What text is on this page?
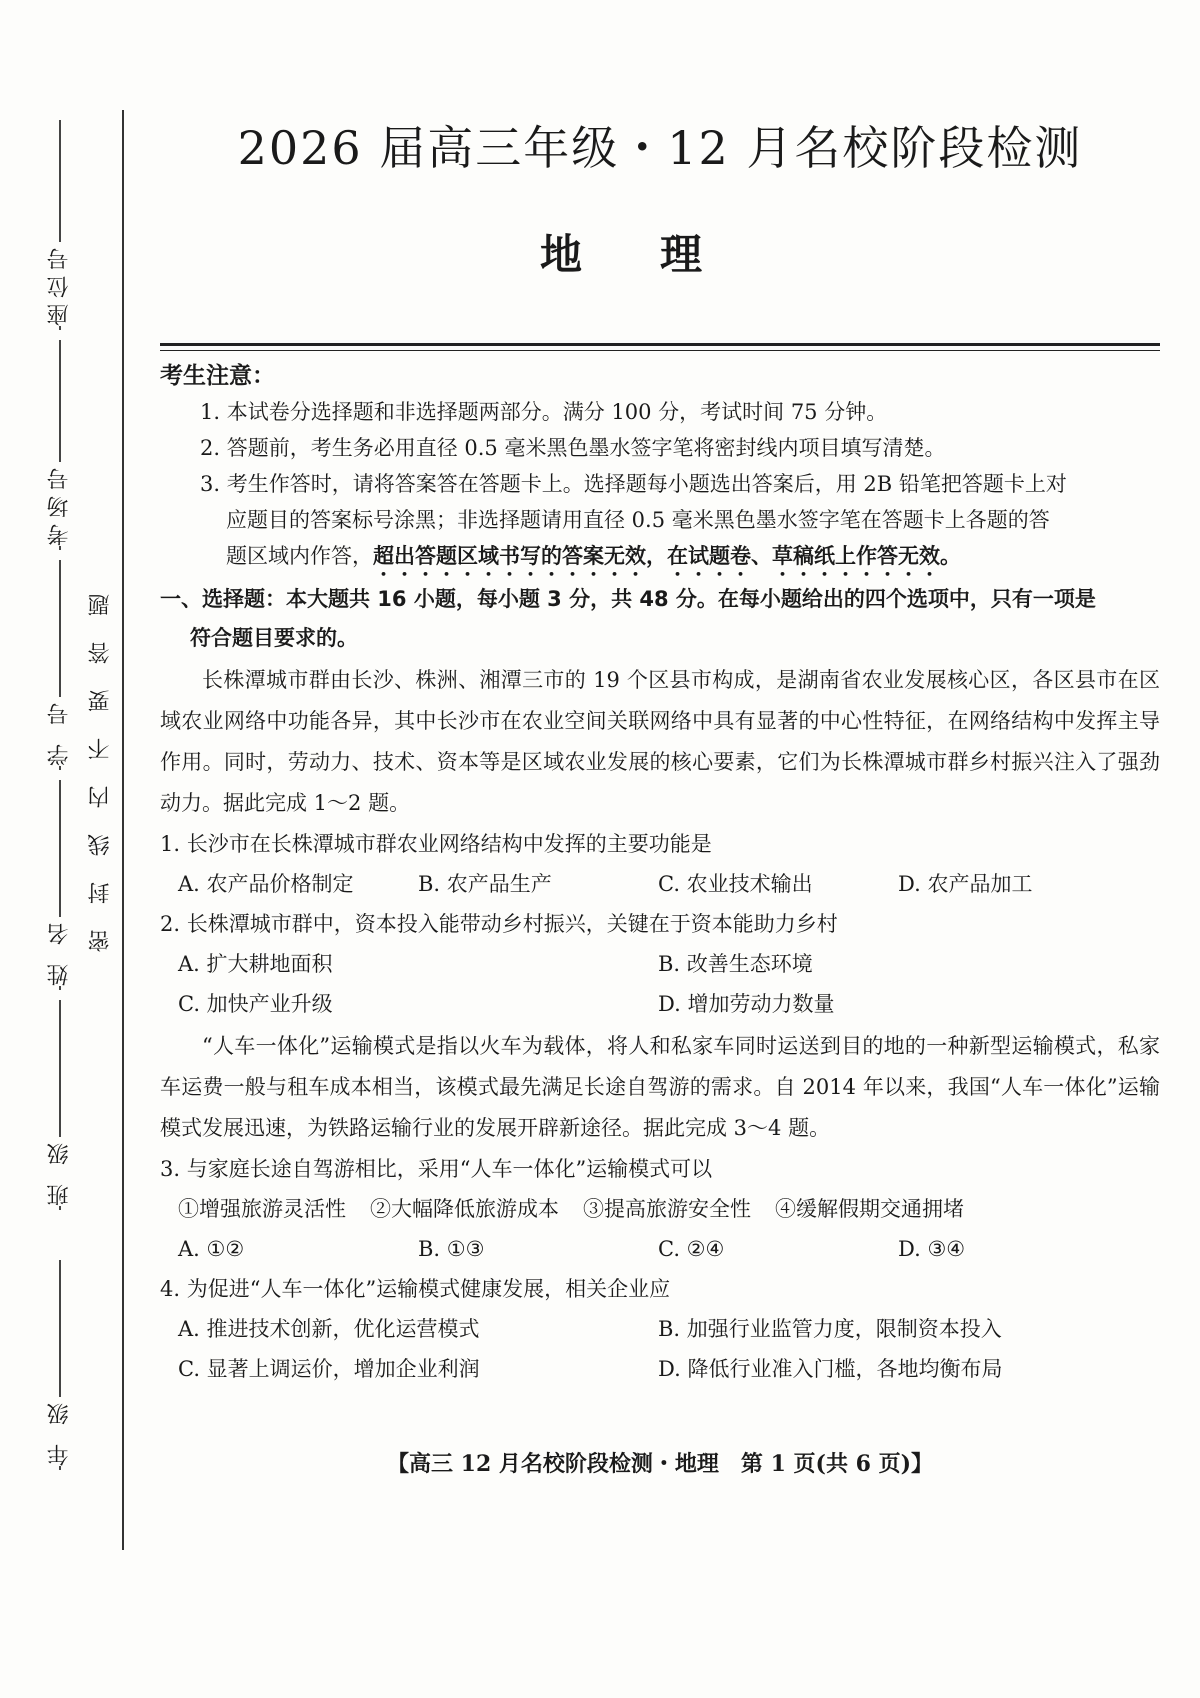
座位号
考场号
学 号
姓 名
班 级
年 级
密封线内不要答题
2026 届高三年级・12 月名校阶段检测
地理
考生注意：
1. 本试卷分选择题和非选择题两部分。满分 100 分，考试时间 75 分钟。
2. 答题前，考生务必用直径 0.5 毫米黑色墨水签字笔将密封线内项目填写清楚。
3. 考生作答时，请将答案答在答题卡上。选择题每小题选出答案后，用 2B 铅笔把答题卡上对
应题目的答案标号涂黑；非选择题请用直径 0.5 毫米黑色墨水签字笔在答题卡上各题的答
题区域内作答，超出答题区域书写的答案无效，在试题卷、草稿纸上作答无效。
一、选择题：本大题共 16 小题，每小题 3 分，共 48 分。在每小题给出的四个选项中，只有一项是
符合题目要求的。
长株潭城市群由长沙、株洲、湘潭三市的 19 个区县市构成，是湖南省农业发展核心区，各区县市在区域农业网络中功能各异，其中长沙市在农业空间关联网络中具有显著的中心性特征，在网络结构中发挥主导作用。同时，劳动力、技术、资本等是区域农业发展的核心要素，它们为长株潭城市群乡村振兴注入了强劲动力。据此完成 1～2 题。
1. 长沙市在长株潭城市群农业网络结构中发挥的主要功能是
A. 农产品价格制定	B. 农产品生产	C. 农业技术输出	D. 农产品加工
2. 长株潭城市群中，资本投入能带动乡村振兴，关键在于资本能助力乡村
A. 扩大耕地面积	B. 改善生态环境
C. 加快产业升级	D. 增加劳动力数量
“人车一体化”运输模式是指以火车为载体，将人和私家车同时运送到目的地的一种新型运输模式，私家车运费一般与租车成本相当，该模式最先满足长途自驾游的需求。自 2014 年以来，我国“人车一体化”运输模式发展迅速，为铁路运输行业的发展开辟新途径。据此完成 3～4 题。
3. 与家庭长途自驾游相比，采用“人车一体化”运输模式可以
①增强旅游灵活性 ②大幅降低旅游成本 ③提高旅游安全性 ④缓解假期交通拥堵
A. ①②	B. ①③	C. ②④	D. ③④
4. 为促进“人车一体化”运输模式健康发展，相关企业应
A. 推进技术创新，优化运营模式	B. 加强行业监管力度，限制资本投入
C. 显著上调运价，增加企业利润	D. 降低行业准入门槛，各地均衡布局
【高三 12 月名校阶段检测・地理　第 1 页(共 6 页)】
